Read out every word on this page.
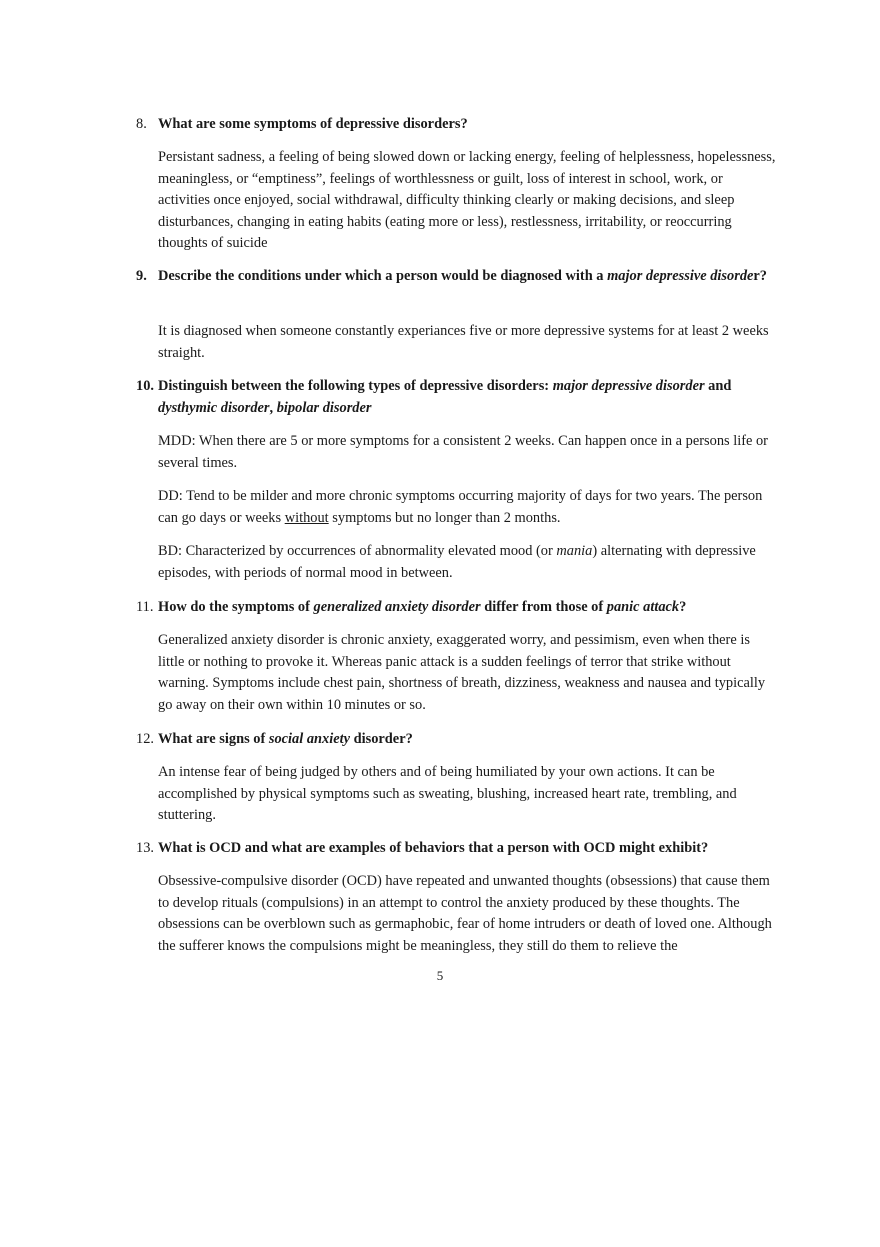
8. What are some symptoms of depressive disorders?
Persistant sadness, a feeling of being slowed down or lacking energy, feeling of helplessness, hopelessness, meaningless, or “emptiness”, feelings of worthlessness or guilt, loss of interest in school, work, or activities once enjoyed, social withdrawal, difficulty thinking clearly or making decisions, and sleep disturbances, changing in eating habits (eating more or less), restlessness, irritability, or reoccurring thoughts of suicide
9. Describe the conditions under which a person would be diagnosed with a major depressive disorder?
It is diagnosed when someone constantly experiances five or more depressive systems for at least 2 weeks straight.
10. Distinguish between the following types of depressive disorders: major depressive disorder and dysthymic disorder, bipolar disorder
MDD: When there are 5 or more symptoms for a consistent 2 weeks. Can happen once in a persons life or several times.
DD: Tend to be milder and more chronic symptoms occurring majority of days for two years. The person can go days or weeks without symptoms but no longer than 2 months.
BD: Characterized by occurrences of abnormality elevated mood (or mania) alternating with depressive episodes, with periods of normal mood in between.
11. How do the symptoms of generalized anxiety disorder differ from those of panic attack?
Generalized anxiety disorder is chronic anxiety, exaggerated worry, and pessimism, even when there is little or nothing to provoke it. Whereas panic attack is a sudden feelings of terror that strike without warning. Symptoms include chest pain, shortness of breath, dizziness, weakness and nausea and typically go away on their own within 10 minutes or so.
12. What are signs of social anxiety disorder?
An intense fear of being judged by others and of being humiliated by your own actions. It can be accomplished by physical symptoms such as sweating, blushing, increased heart rate, trembling, and stuttering.
13. What is OCD and what are examples of behaviors that a person with OCD might exhibit?
Obsessive-compulsive disorder (OCD) have repeated and unwanted thoughts (obsessions) that cause them to develop rituals (compulsions) in an attempt to control the anxiety produced by these thoughts. The obsessions can be overblown such as germaphobic, fear of home intruders or death of loved one. Although the sufferer knows the compulsions might be meaningless, they still do them to relieve the
5
